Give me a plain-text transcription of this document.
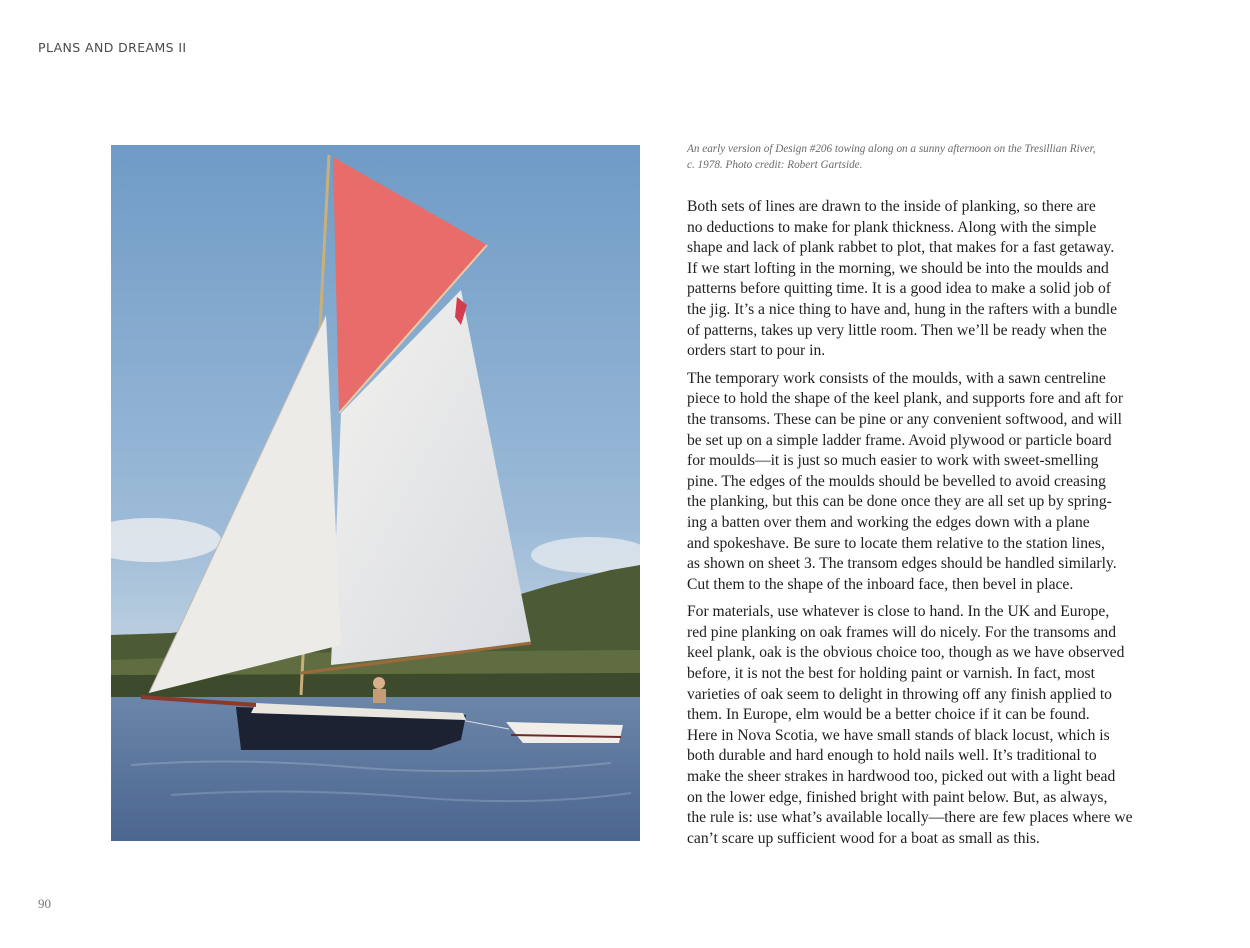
PLANS AND DREAMS II
An early version of Design #206 towing along on a sunny afternoon on the Tresillian River,
c. 1978. Photo credit: Robert Gartside.

Both sets of lines are drawn to the inside of planking, so there are
no deductions to make for plank thickness. Along with the simple
shape and lack of plank rabbet to plot, that makes for a fast getaway.
If we start lofting in the morning, we should be into the moulds and
patterns before quitting time. It is a good idea to make a solid job of
the jig. It’s a nice thing to have and, hung in the rafters with a bundle
of patterns, takes up very little room. Then we’ll be ready when the
orders start to pour in.

The temporary work consists of the moulds, with a sawn centreline
piece to hold the shape of the keel plank, and supports fore and aft for
the transoms. These can be pine or any convenient softwood, and will
be set up on a simple ladder frame. Avoid plywood or particle board
for moulds—it is just so much easier to work with sweet-smelling
pine. The edges of the moulds should be bevelled to avoid creasing
the planking, but this can be done once they are all set up by spring-
ing a batten over them and working the edges down with a plane
and spokeshave. Be sure to locate them relative to the station lines,
as shown on sheet 3. The transom edges should be handled similarly.
Cut them to the shape of the inboard face, then bevel in place.

For materials, use whatever is close to hand. In the UK and Europe,
red pine planking on oak frames will do nicely. For the transoms and
keel plank, oak is the obvious choice too, though as we have observed
before, it is not the best for holding paint or varnish. In fact, most
varieties of oak seem to delight in throwing off any finish applied to
them. In Europe, elm would be a better choice if it can be found.
Here in Nova Scotia, we have small stands of black locust, which is
both durable and hard enough to hold nails well. It’s traditional to
make the sheer strakes in hardwood too, picked out with a light bead
on the lower edge, finished bright with paint below. But, as always,
the rule is: use what’s available locally—there are few places where we
can’t scare up sufficient wood for a boat as small as this.

90
